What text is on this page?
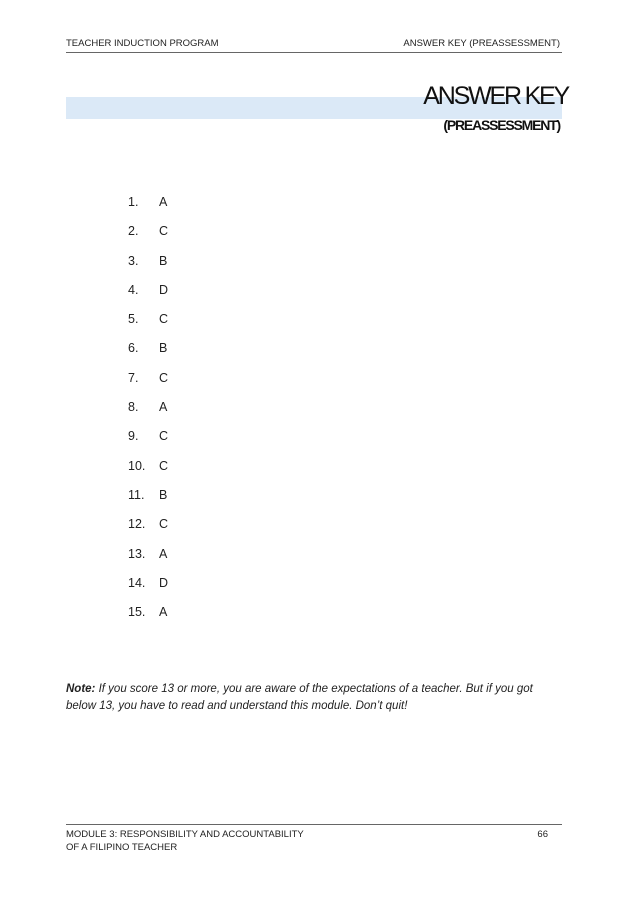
TEACHER INDUCTION PROGRAM	ANSWER KEY (PREASSESSMENT)
ANSWER KEY
(PREASSESSMENT)
1. A
2. C
3. B
4. D
5. C
6. B
7. C
8. A
9. C
10. C
11. B
12. C
13. A
14. D
15. A
Note: If you score 13 or more, you are aware of the expectations of a teacher. But if you got below 13, you have to read and understand this module. Don’t quit!
MODULE 3: RESPONSIBILITY AND ACCOUNTABILITY
OF A FILIPINO TEACHER
66
